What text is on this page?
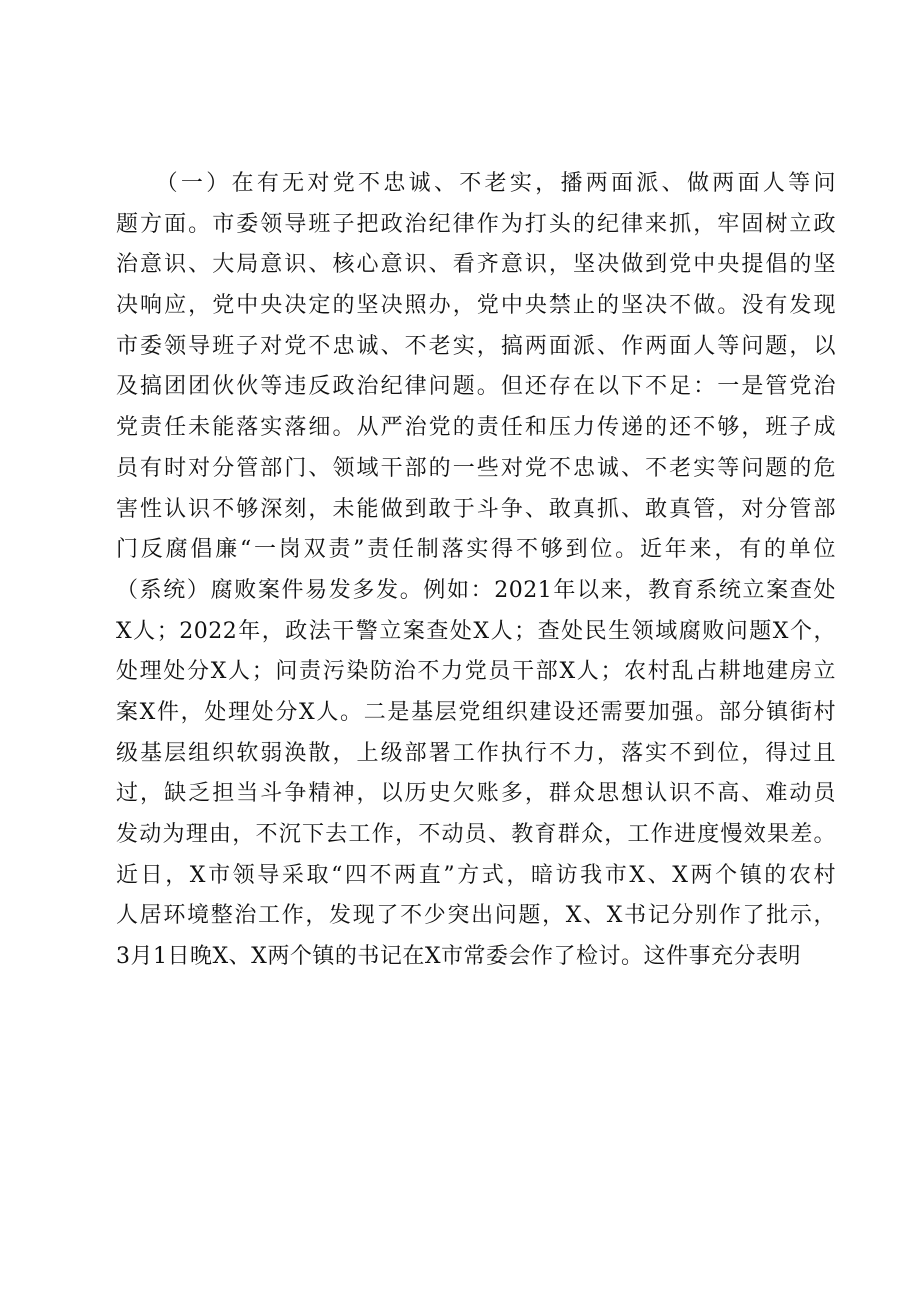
　　（一）在有无对党不忠诚、不老实，播两面派、做两面人等问
题方面。市委领导班子把政治纪律作为打头的纪律来抓，牢固树立政
治意识、大局意识、核心意识、看齐意识，坚决做到党中央提倡的坚
决响应，党中央决定的坚决照办，党中央禁止的坚决不做。没有发现
市委领导班子对党不忠诚、不老实，搞两面派、作两面人等问题，以
及搞团团伙伙等违反政治纪律问题。但还存在以下不足：一是管党治
党责任未能落实落细。从严治党的责任和压力传递的还不够，班子成
员有时对分管部门、领域干部的一些对党不忠诚、不老实等问题的危
害性认识不够深刻，未能做到敢于斗争、敢真抓、敢真管，对分管部
门反腐倡廉“一岗双责”责任制落实得不够到位。近年来，有的单位
（系统）腐败案件易发多发。例如：2021年以来，教育系统立案查处
X人；2022年，政法干警立案查处X人；查处民生领域腐败问题X个，
处理处分X人；问责污染防治不力党员干部X人；农村乱占耕地建房立
案X件，处理处分X人。二是基层党组织建设还需要加强。部分镇街村
级基层组织软弱涣散，上级部署工作执行不力，落实不到位，得过且
过，缺乏担当斗争精神，以历史欠账多，群众思想认识不高、难动员
发动为理由，不沉下去工作，不动员、教育群众，工作进度慢效果差。
近日，X市领导采取“四不两直”方式，暗访我市X、X两个镇的农村
人居环境整治工作，发现了不少突出问题，X、X书记分别作了批示，
3月1日晚X、X两个镇的书记在X市常委会作了检讨。这件事充分表明
